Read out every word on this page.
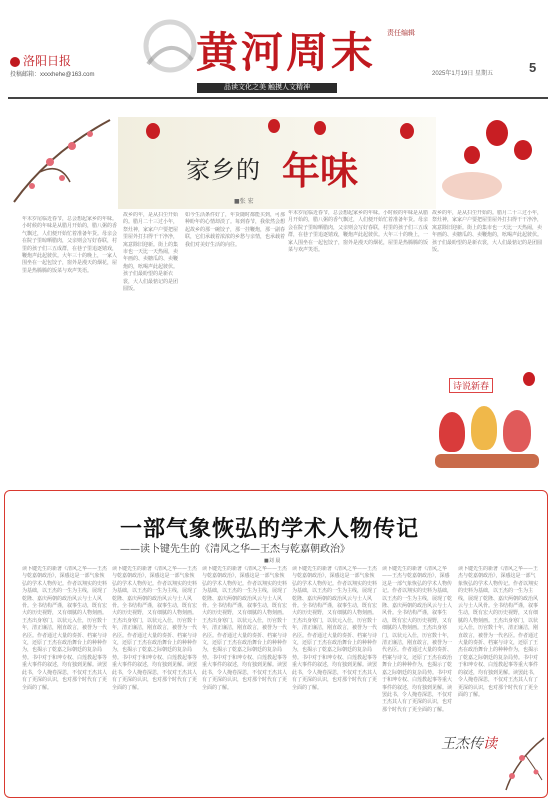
洛阳日报
投稿邮箱：xxxxhehe@163.com 黄河周末 责任编辑
2025年1月19日 星期五	5
品读文化之美 触摸人文精神
家乡的 年味
■张 宏
年末岁尾临近春节，总会想起家乡的年味。小时候的年味是从腊月开始的，腊八粥的香气飘过，人们便开始忙着准备年货。母亲会在院子里晾晒腊肉，父亲则会写好春联，村里的孩子们三五成群，在巷子里追逐嬉戏，鞭炮声此起彼伏。大年三十的晚上，一家人围坐在一起包饺子，窗外是漫天的烟花，屋里是热腾腾的饭菜与欢声笑语。
故乡的年，是从扫尘开始的。腊月二十三过小年，祭灶神，家家户户要把屋里屋外打扫得干干净净，寓意除旧迎新。街上的集市也一天比一天热闹，卖年画的、卖糖瓜的、卖鞭炮的，吆喝声此起彼伏。孩子们最盼望的是新衣裳，大人们最惦记的是团圆饭。
如今生活条件好了，年货随时都能买到，可那种盼年的心情却淡了。每到春节，我依然会想起故乡的那一碗饺子，那一挂鞭炮，那一副春联，它们承载着浓浓的乡愁与亲情，也承载着我们对美好生活的向往。
年末岁尾临近春节，总会想起家乡的年味。小时候的年味是从腊月开始的，腊八粥的香气飘过，人们便开始忙着准备年货。母亲会在院子里晾晒腊肉，父亲则会写好春联，村里的孩子们三五成群，在巷子里追逐嬉戏，鞭炮声此起彼伏。大年三十的晚上，一家人围坐在一起包饺子，窗外是漫天的烟花，屋里是热腾腾的饭菜与欢声笑语。
故乡的年，是从扫尘开始的。腊月二十三过小年，祭灶神，家家户户要把屋里屋外打扫得干干净净，寓意除旧迎新。街上的集市也一天比一天热闹，卖年画的、卖糖瓜的、卖鞭炮的，吆喝声此起彼伏。孩子们最盼望的是新衣裳，大人们最惦记的是团圆饭。
诗说新春
一部气象恢弘的学术人物传记
——读卜键先生的《清风之华—王杰与乾嘉朝政治》
■刘 晨
读卜键先生的新著《清风之华——王杰与乾嘉朝政治》，深感这是一部气象恢弘的学术人物传记。作者以翔实的史料为基础，以王杰的一生为主线，展现了乾隆、嘉庆两朝的政治风云与士人风骨。全书结构严谨，叙事生动，既有宏大的历史视野，又有细腻的人物刻画。王杰出身寒门，以状元入仕，历官数十年，清正廉洁，刚直敢言，被誉为一代名臣。作者通过大量的奏折、档案与诗文，还原了王杰在政治舞台上的种种作为，也揭示了乾嘉之际朝廷的复杂局势。书中对于和珅专权、白莲教起事等重大事件的叙述，均有独到见解。读罢此书，令人掩卷深思，不仅对王杰其人有了更深的认识，也对那个时代有了更全面的了解。
读卜键先生的新著《清风之华——王杰与乾嘉朝政治》，深感这是一部气象恢弘的学术人物传记。作者以翔实的史料为基础，以王杰的一生为主线，展现了乾隆、嘉庆两朝的政治风云与士人风骨。全书结构严谨，叙事生动，既有宏大的历史视野，又有细腻的人物刻画。王杰出身寒门，以状元入仕，历官数十年，清正廉洁，刚直敢言，被誉为一代名臣。作者通过大量的奏折、档案与诗文，还原了王杰在政治舞台上的种种作为，也揭示了乾嘉之际朝廷的复杂局势。书中对于和珅专权、白莲教起事等重大事件的叙述，均有独到见解。读罢此书，令人掩卷深思，不仅对王杰其人有了更深的认识，也对那个时代有了更全面的了解。
读卜键先生的新著《清风之华——王杰与乾嘉朝政治》，深感这是一部气象恢弘的学术人物传记。作者以翔实的史料为基础，以王杰的一生为主线，展现了乾隆、嘉庆两朝的政治风云与士人风骨。全书结构严谨，叙事生动，既有宏大的历史视野，又有细腻的人物刻画。王杰出身寒门，以状元入仕，历官数十年，清正廉洁，刚直敢言，被誉为一代名臣。作者通过大量的奏折、档案与诗文，还原了王杰在政治舞台上的种种作为，也揭示了乾嘉之际朝廷的复杂局势。书中对于和珅专权、白莲教起事等重大事件的叙述，均有独到见解。读罢此书，令人掩卷深思，不仅对王杰其人有了更深的认识，也对那个时代有了更全面的了解。
读卜键先生的新著《清风之华——王杰与乾嘉朝政治》，深感这是一部气象恢弘的学术人物传记。作者以翔实的史料为基础，以王杰的一生为主线，展现了乾隆、嘉庆两朝的政治风云与士人风骨。全书结构严谨，叙事生动，既有宏大的历史视野，又有细腻的人物刻画。王杰出身寒门，以状元入仕，历官数十年，清正廉洁，刚直敢言，被誉为一代名臣。作者通过大量的奏折、档案与诗文，还原了王杰在政治舞台上的种种作为，也揭示了乾嘉之际朝廷的复杂局势。书中对于和珅专权、白莲教起事等重大事件的叙述，均有独到见解。读罢此书，令人掩卷深思，不仅对王杰其人有了更深的认识，也对那个时代有了更全面的了解。
读卜键先生的新著《清风之华——王杰与乾嘉朝政治》，深感这是一部气象恢弘的学术人物传记。作者以翔实的史料为基础，以王杰的一生为主线，展现了乾隆、嘉庆两朝的政治风云与士人风骨。全书结构严谨，叙事生动，既有宏大的历史视野，又有细腻的人物刻画。王杰出身寒门，以状元入仕，历官数十年，清正廉洁，刚直敢言，被誉为一代名臣。作者通过大量的奏折、档案与诗文，还原了王杰在政治舞台上的种种作为，也揭示了乾嘉之际朝廷的复杂局势。书中对于和珅专权、白莲教起事等重大事件的叙述，均有独到见解。读罢此书，令人掩卷深思，不仅对王杰其人有了更深的认识，也对那个时代有了更全面的了解。
读卜键先生的新著《清风之华——王杰与乾嘉朝政治》，深感这是一部气象恢弘的学术人物传记。作者以翔实的史料为基础，以王杰的一生为主线，展现了乾隆、嘉庆两朝的政治风云与士人风骨。全书结构严谨，叙事生动，既有宏大的历史视野，又有细腻的人物刻画。王杰出身寒门，以状元入仕，历官数十年，清正廉洁，刚直敢言，被誉为一代名臣。作者通过大量的奏折、档案与诗文，还原了王杰在政治舞台上的种种作为，也揭示了乾嘉之际朝廷的复杂局势。书中对于和珅专权、白莲教起事等重大事件的叙述，均有独到见解。读罢此书，令人掩卷深思，不仅对王杰其人有了更深的认识，也对那个时代有了更全面的了解。
王杰传读
